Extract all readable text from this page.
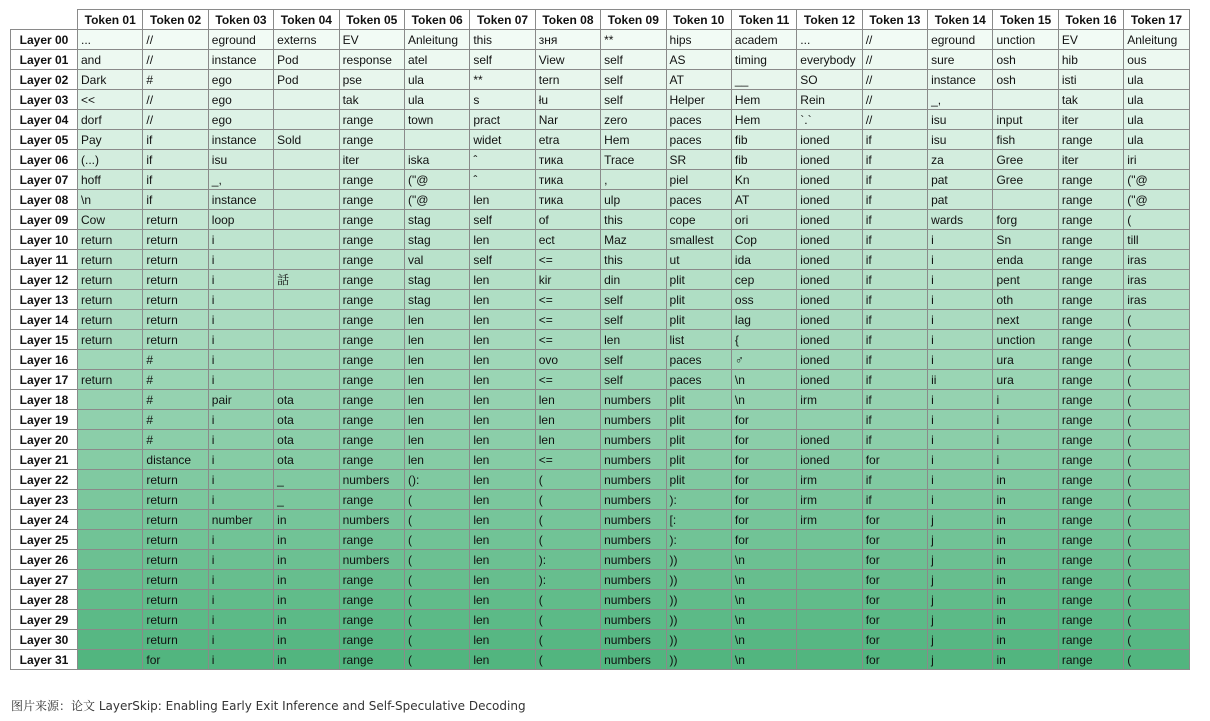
	Token 01	Token 02	Token 03	Token 04	Token 05	Token 06	Token 07	Token 08	Token 09	Token 10	Token 11	Token 12	Token 13	Token 14	Token 15	Token 16	Token 17
Layer 00	...	//	eground	externs	EV	Anleitung	this	зня	**	hips	academ	...	//	eground	unction	EV	Anleitung
Layer 01	and	//	instance	Pod	response	atel	self	View	self	AS	timing	everybody	//	sure	osh	hib	ous
Layer 02	Dark	#	ego	Pod	pse	ula	**	tern	self	AT	__	SO	//	instance	osh	isti	ula
Layer 03	<<	//	ego		tak	ula	s	łu	self	Helper	Hem	Rein	//	_,		tak	ula
Layer 04	dorf	//	ego		range	town	pract	Nar	zero	paces	Hem	`.`	//	isu	input	iter	ula
Layer 05	Pay	if	instance	Sold	range		widet	etra	Hem	paces	fib	ioned	if	isu	fish	range	ula
Layer 06	(...)	if	isu		iter	iska	ˆ	тика	Trace	SR	fib	ioned	if	za	Gree	iter	iri
Layer 07	hoff	if	_,		range	("@	ˆ	тика	,	piel	Kn	ioned	if	pat	Gree	range	("@
Layer 08	\n	if	instance		range	("@	len	тика	ulp	paces	AT	ioned	if	pat		range	("@
Layer 09	Cow	return	loop		range	stag	self	of	this	cope	ori	ioned	if	wards	forg	range	(
Layer 10	return	return	i		range	stag	len	ect	Maz	smallest	Cop	ioned	if	i	Sn	range	till
Layer 11	return	return	i		range	val	self	<=	this	ut	ida	ioned	if	i	enda	range	iras
Layer 12	return	return	i	話	range	stag	len	kir	din	plit	cep	ioned	if	i	pent	range	iras
Layer 13	return	return	i		range	stag	len	<=	self	plit	oss	ioned	if	i	oth	range	iras
Layer 14	return	return	i		range	len	len	<=	self	plit	lag	ioned	if	i	next	range	(
Layer 15	return	return	i		range	len	len	<=	len	list	{	ioned	if	i	unction	range	(
Layer 16		#	i		range	len	len	ovo	self	paces	♂	ioned	if	i	ura	range	(
Layer 17	return	#	i		range	len	len	<=	self	paces	\n	ioned	if	ii	ura	range	(
Layer 18		#	pair	ota	range	len	len	len	numbers	plit	\n	irm	if	i	i	range	(
Layer 19		#	i	ota	range	len	len	len	numbers	plit	for		if	i	i	range	(
Layer 20		#	i	ota	range	len	len	len	numbers	plit	for	ioned	if	i	i	range	(
Layer 21		distance	i	ota	range	len	len	<=	numbers	plit	for	ioned	for	i	i	range	(
Layer 22		return	i	_	numbers	():	len	(	numbers	plit	for	irm	if	i	in	range	(
Layer 23		return	i	_	range	(	len	(	numbers	):	for	irm	if	i	in	range	(
Layer 24		return	number	in	numbers	(	len	(	numbers	[:	for	irm	for	j	in	range	(
Layer 25		return	i	in	range	(	len	(	numbers	):	for		for	j	in	range	(
Layer 26		return	i	in	numbers	(	len	):	numbers	))	\n		for	j	in	range	(
Layer 27		return	i	in	range	(	len	):	numbers	))	\n		for	j	in	range	(
Layer 28		return	i	in	range	(	len	(	numbers	))	\n		for	j	in	range	(
Layer 29		return	i	in	range	(	len	(	numbers	))	\n		for	j	in	range	(
Layer 30		return	i	in	range	(	len	(	numbers	))	\n		for	j	in	range	(
Layer 31		for	i	in	range	(	len	(	numbers	))	\n		for	j	in	range	(
图片来源：论文 LayerSkip: Enabling Early Exit Inference and Self-Speculative Decoding
